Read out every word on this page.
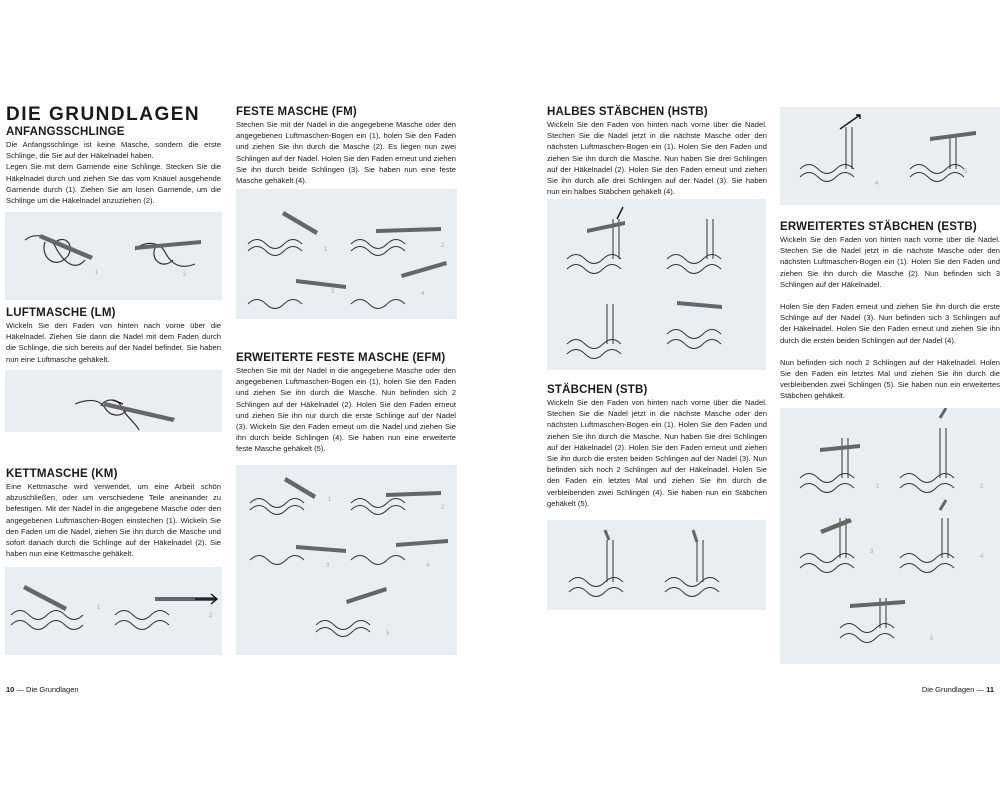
DIE GRUNDLAGEN
ANFANGSSCHLINGE

Die Anfangsschlinge ist keine Masche, sondern die erste Schlinge, die Sie auf der Häkelnadel haben.

Legen Sie mit dem Garnende eine Schlinge. Stecken Sie die Häkelnadel durch und ziehen Sie das vom Knäuel ausgehende Garnende durch (1). Ziehen Sie am losen Garnende, um die Schlinge um die Häkelnadel anzuziehen (2).

1	2
LUFTMASCHE (LM)

Wickeln Sie den Faden von hinten nach vorne über die Häkelnadel. Ziehen Sie dann die Nadel mit dem Faden durch die Schlinge, die sich bereits auf der Nadel befindet. Sie haben nun eine Luftmasche gehäkelt.

KETTMASCHE (KM)

Eine Kettmasche wird verwendet, um eine Arbeit schön abzuschließen, oder um verschiedene Teile aneinander zu befestigen. Mit der Nadel in die angegebene Masche oder den angegebenen Luftmaschen-Bogen einstechen (1). Wickeln Sie den Faden um die Nadel, ziehen Sie ihn durch die Masche und sofort danach durch die Schlinge auf der Häkelnadel (2). Sie haben nun eine Kettmasche gehäkelt.

1
2
FESTE MASCHE (FM)

Stechen Sie mit der Nadel in die angegebene Masche oder den angegebenen Luftmaschen-Bogen ein (1), holen Sie den Faden und ziehen Sie ihn durch die Masche (2). Es liegen nun zwei Schlingen auf der Nadel. Holen Sie den Faden erneut und ziehen Sie ihn durch beide Schlingen (3). Sie haben nun eine feste Masche gehäkelt (4).

1
2
3	4
ERWEITERTE FESTE MASCHE (EFM)

Stechen Sie mit der Nadel in die angegebene Masche oder den angegebenen Luftmaschen-Bogen ein (1), holen Sie den Faden und ziehen Sie ihn durch die Masche. Nun befinden sich 2 Schlingen auf der Häkelnadel (2). Holen Sie den Faden erneut und ziehen Sie ihn nur durch die erste Schlinge auf der Nadel (3). Wickeln Sie den Faden erneut um die Nadel und ziehen Sie ihn durch beide Schlingen (4). Sie haben nun eine erweiterte feste Masche gehäkelt (5).

1
2
3	4
5
HALBES STÄBCHEN (HSTB)

Wickeln Sie den Faden von hinten nach vorne über die Nadel. Stechen Sie die Nadel jetzt in die nächste Masche oder den nächsten Luftmaschen-Bogen ein (1). Holen Sie den Faden und ziehen Sie ihn durch die Masche. Nun haben Sie drei Schlingen auf der Häkelnadel (2). Holen Sie den Faden erneut und ziehen Sie ihn durch alle drei Schlingen auf der Nadel (3). Sie haben nun ein halbes Stäbchen gehäkelt (4).

STÄBCHEN (STB)

Wickeln Sie den Faden von hinten nach vorne über die Nadel. Stechen Sie die Nadel jetzt in die nächste Masche oder den nächsten Luftmaschen-Bogen ein (1). Holen Sie den Faden und ziehen Sie ihn durch die Masche. Nun haben Sie drei Schlingen auf der Häkelnadel (2). Holen Sie den Faden erneut und ziehen Sie ihn durch die ersten beiden Schlingen auf der Nadel (3). Nun befinden sich noch 2 Schlingen auf der Häkelnadel. Holen Sie den Faden ein letztes Mal und ziehen Sie ihn durch die verbleibenden zwei Schlingen (4). Sie haben nun ein Stäbchen gehäkelt (5).

4
5
ERWEITERTES STÄBCHEN (ESTB)

Wickeln Sie den Faden von hinten nach vorne über die Nadel. Stechen Sie die Nadel jetzt in die nächste Masche oder den nächsten Luftmaschen-Bogen ein (1). Holen Sie den Faden und ziehen Sie ihn durch die Masche (2). Nun befinden sich 3 Schlingen auf der Häkelnadel.

Holen Sie den Faden erneut und ziehen Sie ihn durch die erste Schlinge auf der Nadel (3). Nun befinden sich 3 Schlingen auf der Häkelnadel. Holen Sie den Faden erneut und ziehen Sie ihn durch die ersten beiden Schlingen auf der Nadel (4).

Nun befinden sich noch 2 Schlingen auf der Häkelnadel. Holen Sie den Faden ein letztes Mal und ziehen Sie ihn durch die verbleibenden zwei Schlingen (5). Sie haben nun ein erweitertes Stäbchen gehäkelt.

1	2
3
4
5
10 — Die Grundlagen	Die Grundlagen — 11
